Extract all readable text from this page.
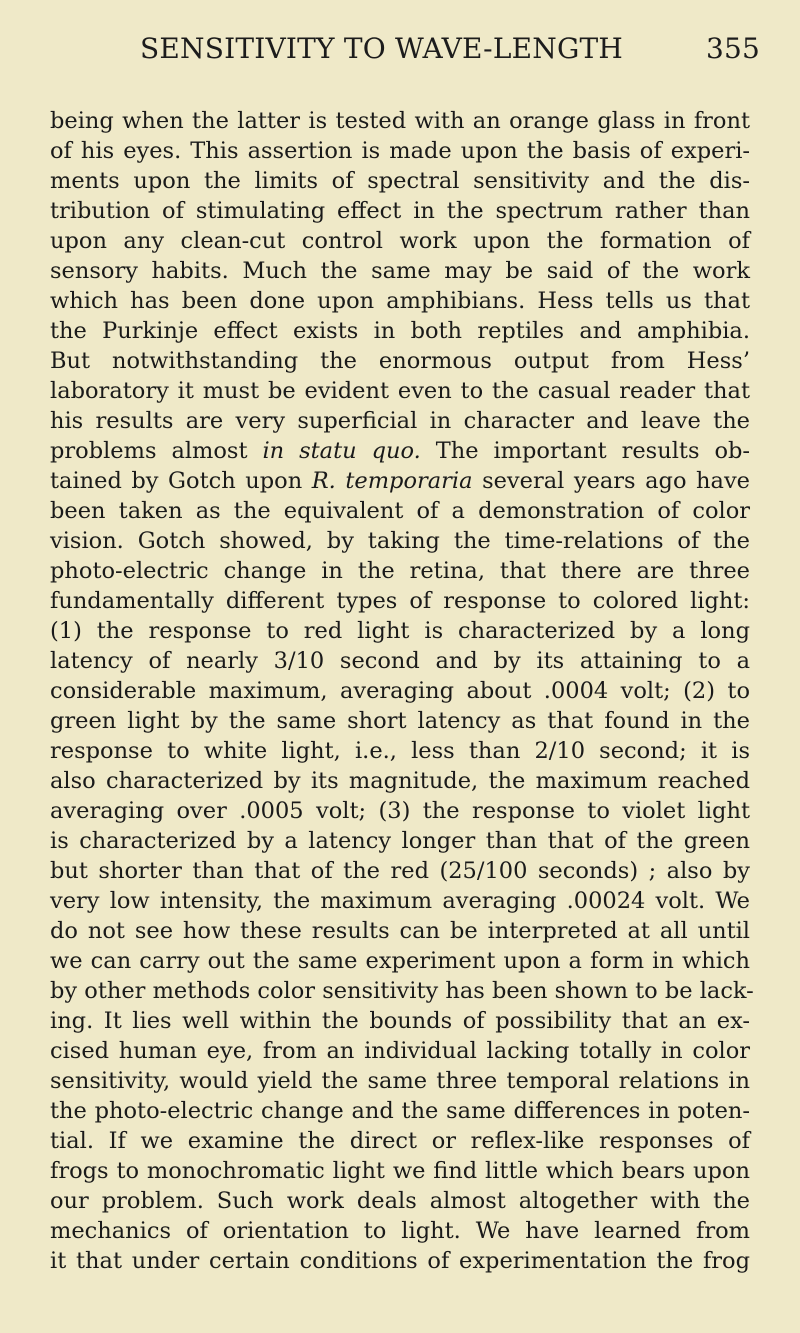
SENSITIVITY TO WAVE-LENGTH	355
being when the latter is tested with an orange glass in front
of his eyes. This assertion is made upon the basis of experi-
ments upon the limits of spectral sensitivity and the dis-
tribution of stimulating effect in the spectrum rather than
upon any clean-cut control work upon the formation of
sensory habits. Much the same may be said of the work
which has been done upon amphibians. Hess tells us that
the Purkinje effect exists in both reptiles and amphibia.
But notwithstanding the enormous output from Hess’
laboratory it must be evident even to the casual reader that
his results are very superficial in character and leave the
problems almost in statu quo. The important results ob-
tained by Gotch upon R. temporaria several years ago have
been taken as the equivalent of a demonstration of color
vision. Gotch showed, by taking the time-relations of the
photo-electric change in the retina, that there are three
fundamentally different types of response to colored light:
(1) the response to red light is characterized by a long
latency of nearly 3/10 second and by its attaining to a
considerable maximum, averaging about .0004 volt; (2) to
green light by the same short latency as that found in the
response to white light, i.e., less than 2/10 second; it is
also characterized by its magnitude, the maximum reached
averaging over .0005 volt; (3) the response to violet light
is characterized by a latency longer than that of the green
but shorter than that of the red (25/100 seconds) ; also by
very low intensity, the maximum averaging .00024 volt. We
do not see how these results can be interpreted at all until
we can carry out the same experiment upon a form in which
by other methods color sensitivity has been shown to be lack-
ing. It lies well within the bounds of possibility that an ex-
cised human eye, from an individual lacking totally in color
sensitivity, would yield the same three temporal relations in
the photo-electric change and the same differences in poten-
tial. If we examine the direct or reflex-like responses of
frogs to monochromatic light we find little which bears upon
our problem. Such work deals almost altogether with the
mechanics of orientation to light. We have learned from
it that under certain conditions of experimentation the frog
